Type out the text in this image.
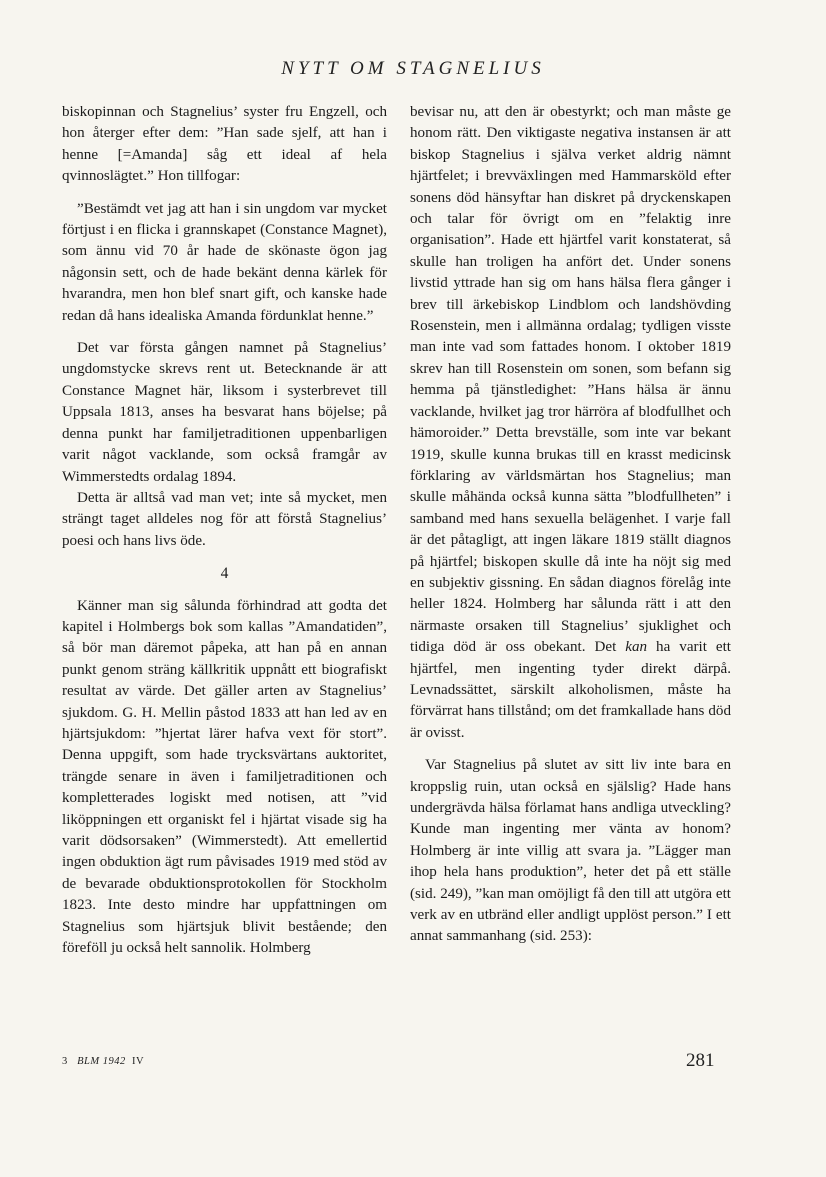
NYTT OM STAGNELIUS

biskopinnan och Stagnelius’ syster fru Engzell, och hon återger efter dem: ”Han sade sjelf, att han i henne [=Amanda] såg ett ideal af hela qvinnoslägtet.” Hon tillfogar:

”Bestämdt vet jag att han i sin ungdom var mycket förtjust i en flicka i grannskapet (Constance Magnet), som ännu vid 70 år hade de skönaste ögon jag någonsin sett, och de hade bekänt denna kärlek för hvarandra, men hon blef snart gift, och kanske hade redan då hans idealiska Amanda fördunklat henne.”

Det var första gången namnet på Stagnelius’ ungdomstycke skrevs rent ut. Betecknande är att Constance Magnet här, liksom i systerbrevet till Uppsala 1813, anses ha besvarat hans böjelse; på denna punkt har familjetraditionen uppenbarligen varit något vacklande, som också framgår av Wimmerstedts ordalag 1894.

Detta är alltså vad man vet; inte så mycket, men strängt taget alldeles nog för att förstå Stagnelius’ poesi och hans livs öde.

4

Känner man sig sålunda förhindrad att godta det kapitel i Holmbergs bok som kallas ”Amandatiden”, så bör man däremot påpeka, att han på en annan punkt genom sträng källkritik uppnått ett biografiskt resultat av värde. Det gäller arten av Stagnelius’ sjukdom. G. H. Mellin påstod 1833 att han led av en hjärtsjukdom: ”hjertat lärer hafva vext för stort”. Denna uppgift, som hade trycksvärtans auktoritet, trängde senare in även i familjetraditionen och kompletterades logiskt med notisen, att ”vid liköppningen ett organiskt fel i hjärtat visade sig ha varit dödsorsaken” (Wimmerstedt). Att emellertid ingen obduktion ägt rum påvisades 1919 med stöd av de bevarade obduktionsprotokollen för Stockholm 1823. Inte desto mindre har uppfattningen om Stagnelius som hjärtsjuk blivit bestående; den föreföll ju också helt sannolik. Holmberg

bevisar nu, att den är obestyrkt; och man måste ge honom rätt. Den viktigaste negativa instansen är att biskop Stagnelius i själva verket aldrig nämnt hjärtfelet; i brevväxlingen med Hammarsköld efter sonens död hänsyftar han diskret på dryckenskapen och talar för övrigt om en ”felaktig inre organisation”. Hade ett hjärtfel varit konstaterat, så skulle han troligen ha anfört det. Under sonens livstid yttrade han sig om hans hälsa flera gånger i brev till ärkebiskop Lindblom och landshövding Rosenstein, men i allmänna ordalag; tydligen visste man inte vad som fattades honom. I oktober 1819 skrev han till Rosenstein om sonen, som befann sig hemma på tjänstledighet: ”Hans hälsa är ännu vacklande, hvilket jag tror härröra af blodfullhet och hämoroider.” Detta brevställe, som inte var bekant 1919, skulle kunna brukas till en krasst medicinsk förklaring av världsmärtan hos Stagnelius; man skulle måhända också kunna sätta ”blodfullheten” i samband med hans sexuella belägenhet. I varje fall är det påtagligt, att ingen läkare 1819 ställt diagnos på hjärtfel; biskopen skulle då inte ha nöjt sig med en subjektiv gissning. En sådan diagnos förelåg inte heller 1824. Holmberg har sålunda rätt i att den närmaste orsaken till Stagnelius’ sjuklighet och tidiga död är oss obekant. Det kan ha varit ett hjärtfel, men ingenting tyder direkt därpå. Levnadssättet, särskilt alkoholismen, måste ha förvärrat hans tillstånd; om det framkallade hans död är ovisst.

Var Stagnelius på slutet av sitt liv inte bara en kroppslig ruin, utan också en själslig? Hade hans undergrävda hälsa förlamat hans andliga utveckling? Kunde man ingenting mer vänta av honom? Holmberg är inte villig att svara ja. ”Lägger man ihop hela hans produktion”, heter det på ett ställe (sid. 249), ”kan man omöjligt få den till att utgöra ett verk av en utbränd eller andligt upplöst person.” I ett annat sammanhang (sid. 253):

3 BLM 1942 IV	281
